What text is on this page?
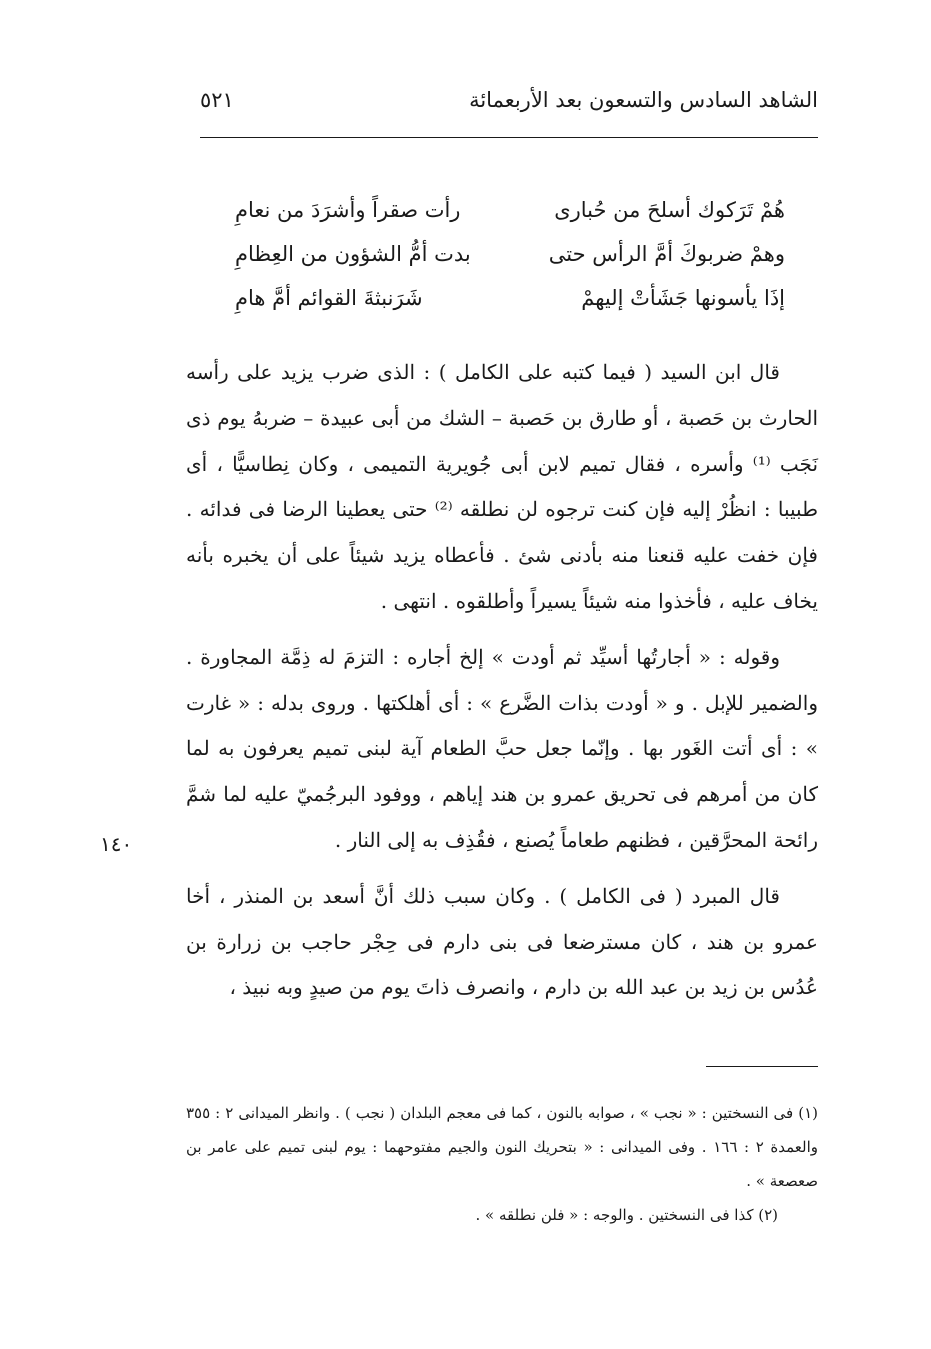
الشاهد السادس والتسعون بعد الأربعمائة
٥٢١
هُمْ تَرَكوك أسلحَ من حُبارى
رأت صقراً وأشرَدَ من نعامِ
وهمْ ضربوكَ أمَّ الرأس حتى
بدت أمُّ الشؤون من العِظامِ
إذَا يأسونها جَشَأتْ إليهمْ
شَرَنبثةَ القوائم أمَّ هامِ

قال ابن السيد ( فيما كتبه على الكامل ) : الذى ضرب يزيد على رأسه الحارث بن حَصبة ، أو طارق بن حَصبة – الشك من أبى عبيدة – ضربهُ يوم ذى نَجَب ⁽¹⁾ وأسره ، فقال تميم لابن أبى جُويرية التميمى ، وكان نِطاسيًّا ، أى طبيبا : انظُرْ إليه فإن كنت ترجوه لن نطلقه ⁽²⁾ حتى يعطينا الرضا فى فدائه . فإن خفت عليه قنعنا منه بأدنى شئ . فأعطاه يزيد شيئاً على أن يخبره بأنه يخاف عليه ، فأخذوا منه شيئاً يسيراً وأطلقوه . انتهى .

وقوله : « أجارتُها أسيِّد ثم أودت » إلخ أجاره : التزمَ له ذِمَّة المجاورة . والضمير للإبل . و « أودت بذات الضَّرع » : أى أهلكتها . وروى بدله : « غارت » : أى أتت الغَور بها . وإنّما جعل حبَّ الطعام آية لبنى تميم يعرفون به لما كان من أمرهم فى تحريق عمرو بن هند إياهم ، ووفود البرجُميّ عليه لما شمَّ رائحة المحرَّقين ، فظنهم طعاماً يُصنع ، فقُذِف به إلى النار .

قال المبرد ( فى الكامل ) . وكان سبب ذلك أنَّ أسعد بن المنذر ، أخا عمرو بن هند ، كان مسترضعا فى بنى دارم فى حِجْر حاجب بن زرارة بن عُدُس بن زيد بن عبد الله بن دارم ، وانصرف ذاتَ يوم من صيدٍ وبه نبيذ ،

١٤٠

(١) فى النسختين : « نجب » ، صوابه بالنون ، كما فى معجم البلدان ( نجب ) . وانظر الميدانى ٢ : ٣٥٥ والعمدة ٢ : ١٦٦ . وفى الميدانى : « بتحريك النون والجيم مفتوحهما : يوم لبنى تميم على عامر بن صعصعة » .

(٢) كذا فى النسختين . والوجه : « فلن نطلقه » .
